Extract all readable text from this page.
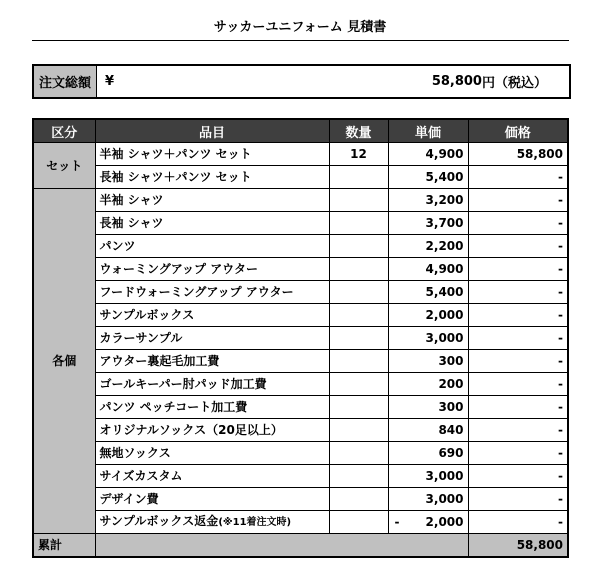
サッカーユニフォーム 見積書
注文総額	¥	58,800 円（税込）
区分	品目	数量	単価	価格
セット	半袖 シャツ＋パンツ セット	12	4,900	58,800
	長袖 シャツ＋パンツ セット		5,400	-
各個	半袖 シャツ		3,200	-
	長袖 シャツ		3,700	-
	パンツ		2,200	-
	ウォーミングアップ アウター		4,900	-
	フードウォーミングアップ アウター		5,400	-
	サンプルボックス		2,000	-
	カラーサンプル		3,000	-
	アウター裏起毛加工費		300	-
	ゴールキーパー肘パッド加工費		200	-
	パンツ ペッチコート加工費		300	-
	オリジナルソックス（20足以上）		840	-
	無地ソックス		690	-
	サイズカスタム		3,000	-
	デザイン費		3,000	-
	サンプルボックス返金(※11着注文時)		- 2,000	-
累計				58,800
